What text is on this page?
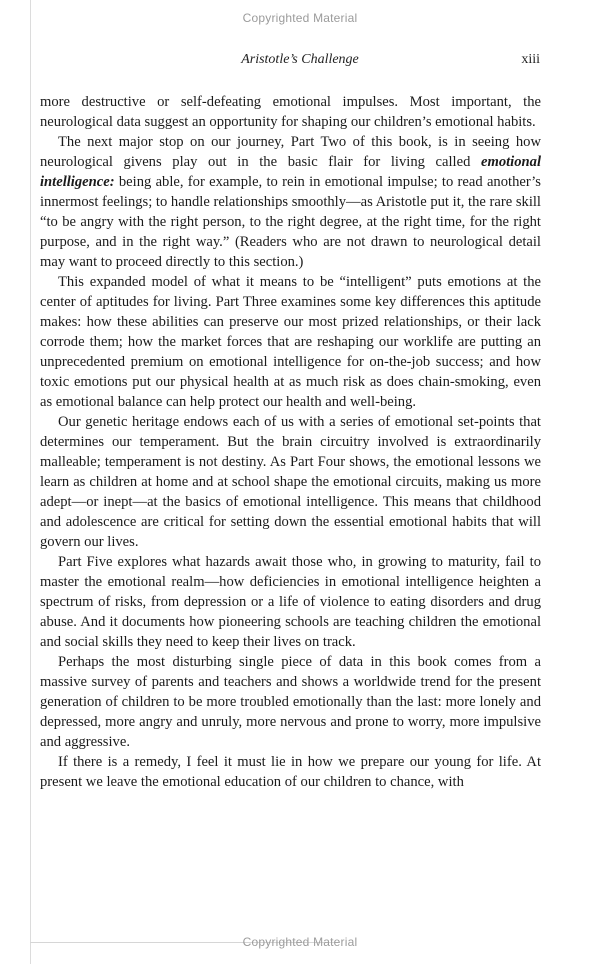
Copyrighted Material
Aristotle’s Challenge	xiii

more destructive or self-defeating emotional impulses. Most important, the neurological data suggest an opportunity for shaping our children’s emotional habits.

The next major stop on our journey, Part Two of this book, is in seeing how neurological givens play out in the basic flair for living called emotional intelligence: being able, for example, to rein in emotional impulse; to read another’s innermost feelings; to handle relationships smoothly—as Aristotle put it, the rare skill “to be angry with the right person, to the right degree, at the right time, for the right purpose, and in the right way.” (Readers who are not drawn to neurological detail may want to proceed directly to this section.)

This expanded model of what it means to be “intelligent” puts emotions at the center of aptitudes for living. Part Three examines some key differences this aptitude makes: how these abilities can preserve our most prized relationships, or their lack corrode them; how the market forces that are reshaping our worklife are putting an unprecedented premium on emotional intelligence for on-the-job success; and how toxic emotions put our physical health at as much risk as does chain-smoking, even as emotional balance can help protect our health and well-being.

Our genetic heritage endows each of us with a series of emotional set-points that determines our temperament. But the brain circuitry involved is extraordinarily malleable; temperament is not destiny. As Part Four shows, the emotional lessons we learn as children at home and at school shape the emotional circuits, making us more adept—or inept—at the basics of emotional intelligence. This means that childhood and adolescence are critical for setting down the essential emotional habits that will govern our lives.

Part Five explores what hazards await those who, in growing to maturity, fail to master the emotional realm—how deficiencies in emotional intelligence heighten a spectrum of risks, from depression or a life of violence to eating disorders and drug abuse. And it documents how pioneering schools are teaching children the emotional and social skills they need to keep their lives on track.

Perhaps the most disturbing single piece of data in this book comes from a massive survey of parents and teachers and shows a worldwide trend for the present generation of children to be more troubled emotionally than the last: more lonely and depressed, more angry and unruly, more nervous and prone to worry, more impulsive and aggressive.

If there is a remedy, I feel it must lie in how we prepare our young for life. At present we leave the emotional education of our children to chance, with

Copyrighted Material
